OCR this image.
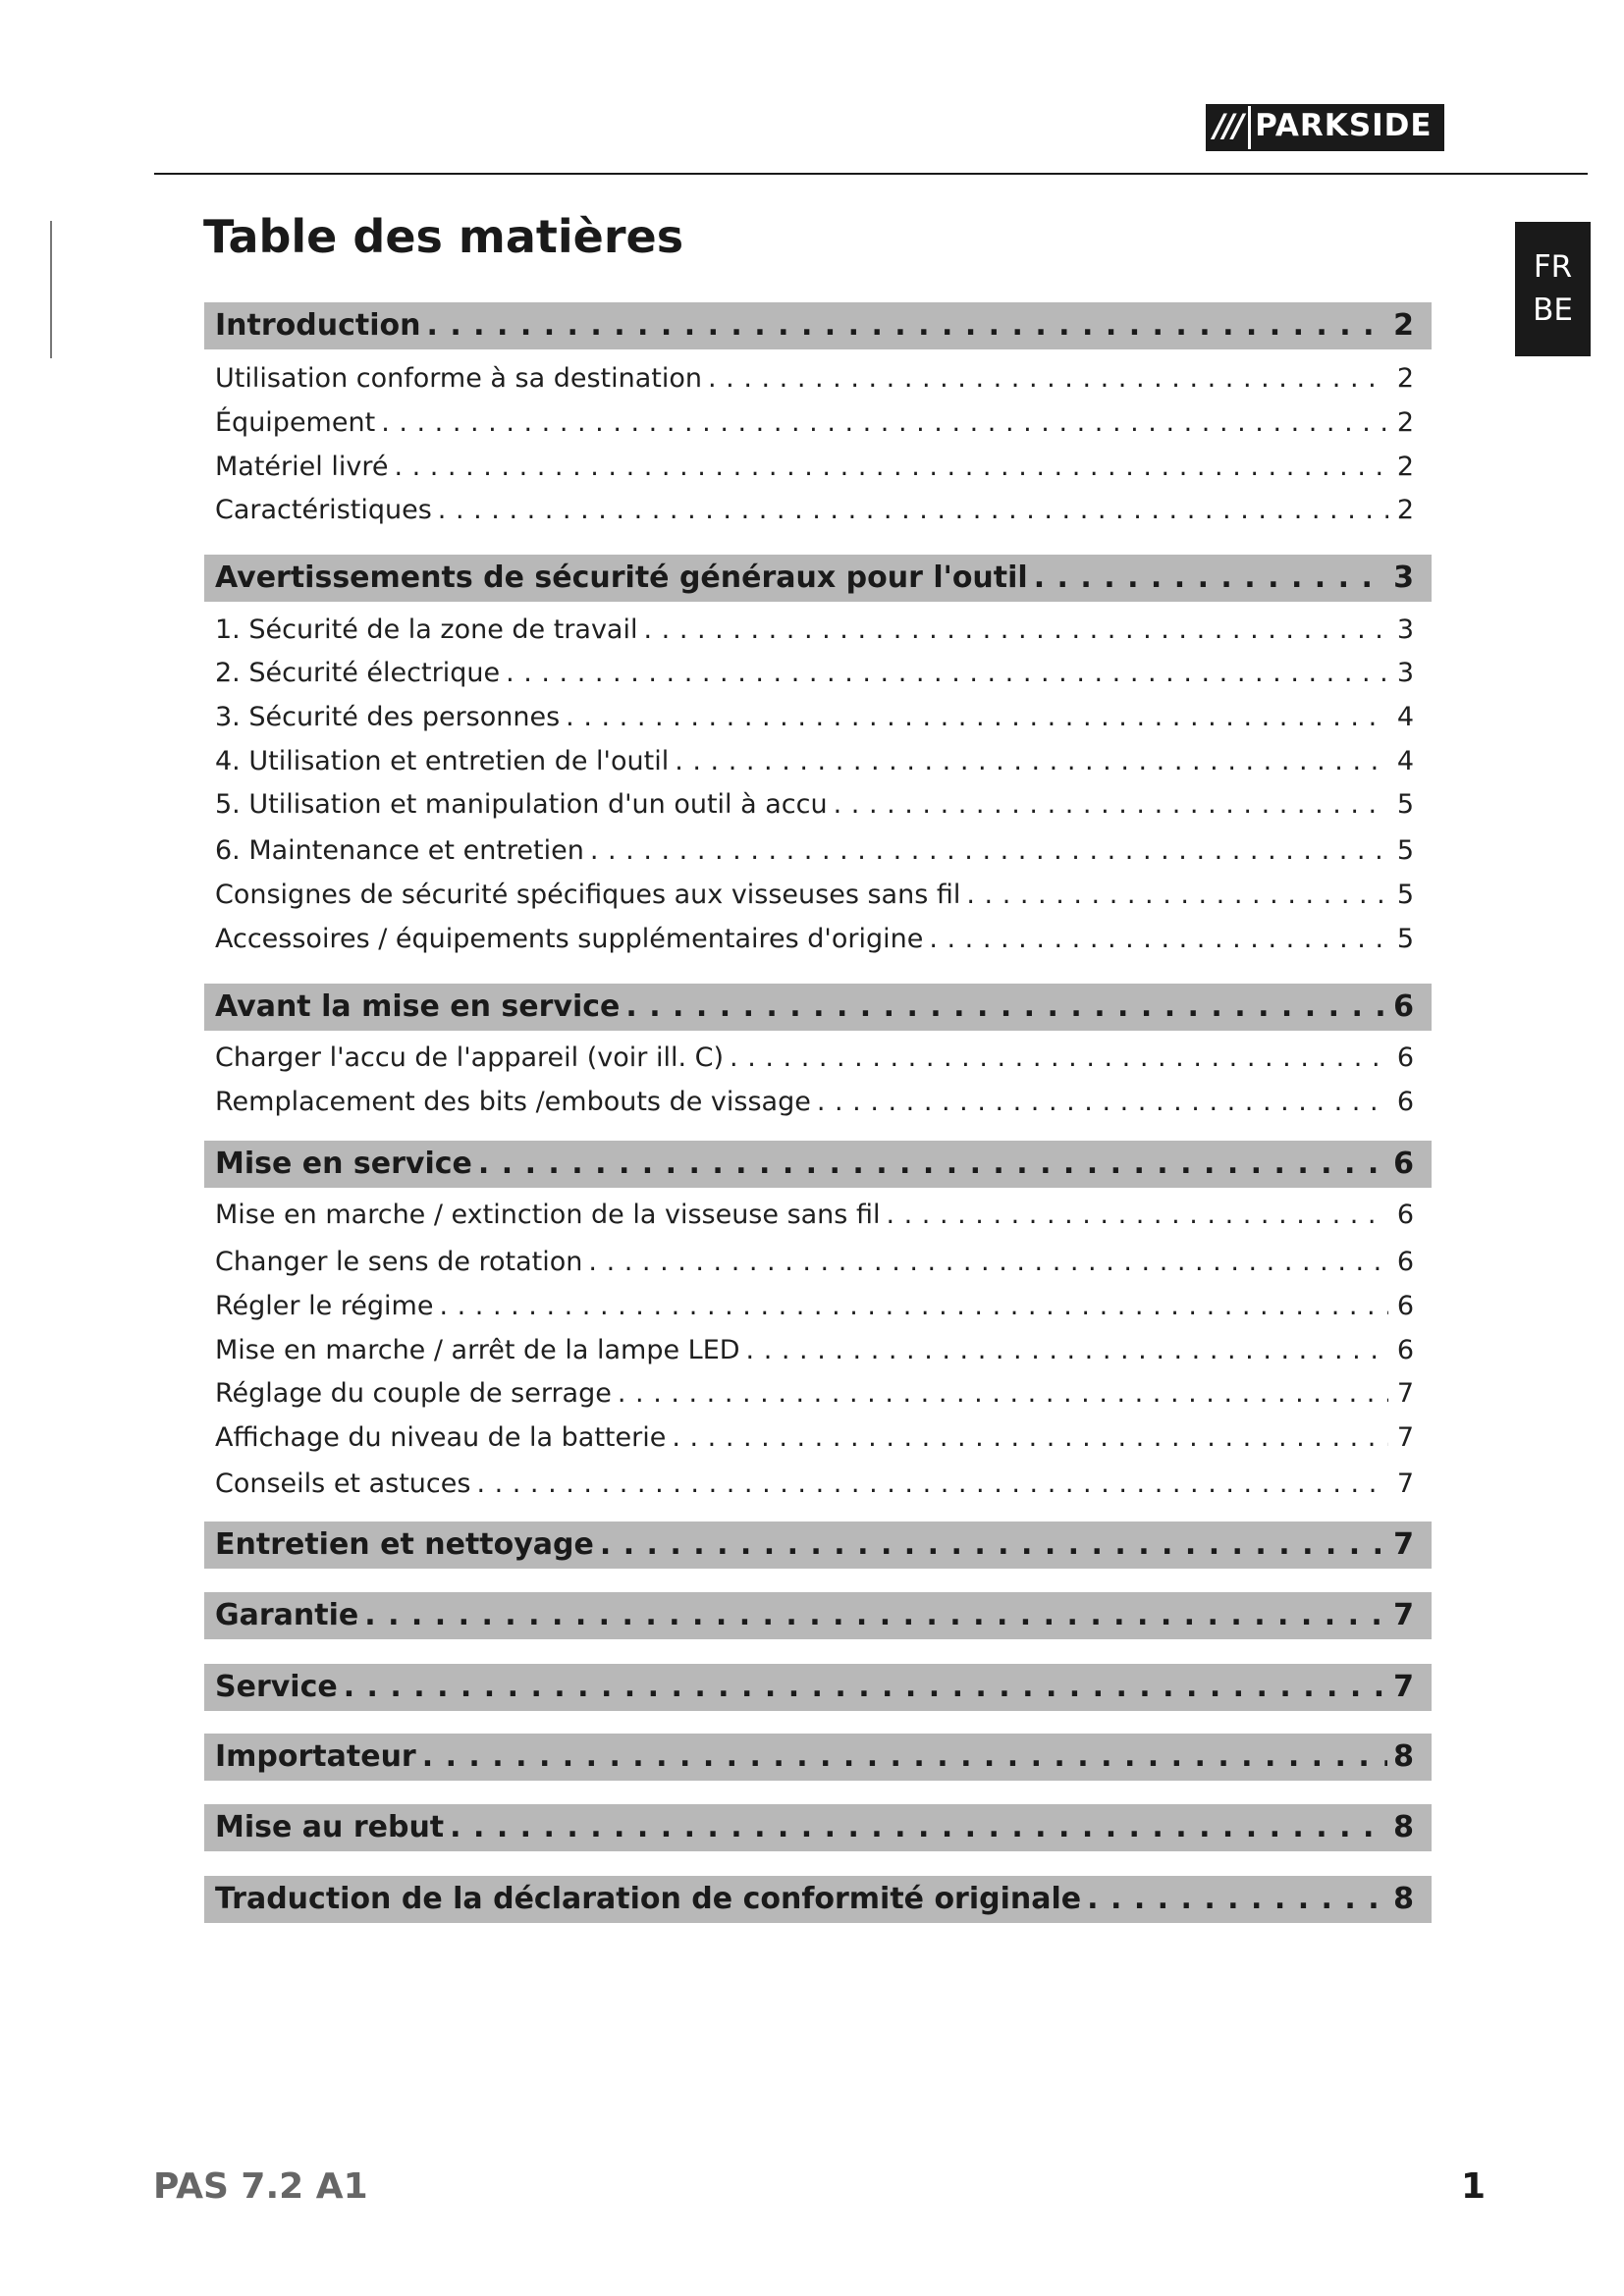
/// PARKSIDE
FR
BE
Table des matières
Introduction . . .	2
Utilisation conforme à sa destination . . .	2
Équipement . . .	2
Matériel livré . . .	2
Caractéristiques . . .	2
Avertissements de sécurité généraux pour l'outil . . .	3
1. Sécurité de la zone de travail . . .	3
2. Sécurité électrique . . .	3
3. Sécurité des personnes . . .	4
4. Utilisation et entretien de l'outil . . .	4
5. Utilisation et manipulation d'un outil à accu . . .	5
6. Maintenance et entretien . . .	5
Consignes de sécurité spécifiques aux visseuses sans fil . . .	5
Accessoires / équipements supplémentaires d'origine . . .	5
Avant la mise en service . . .	6
Charger l'accu de l'appareil (voir ill. C) . . .	6
Remplacement des bits /embouts de vissage . . .	6
Mise en service . . .	6
Mise en marche / extinction de la visseuse sans fil . . .	6
Changer le sens de rotation . . .	6
Régler le régime . . .	6
Mise en marche / arrêt de la lampe LED . . .	6
Réglage du couple de serrage . . .	7
Affichage du niveau de la batterie . . .	7
Conseils et astuces . . .	7
Entretien et nettoyage . . .	7
Garantie . . .	7
Service . . .	7
Importateur . . .	8
Mise au rebut . . .	8
Traduction de la déclaration de conformité originale . . .	8
PAS 7.2 A1	1
